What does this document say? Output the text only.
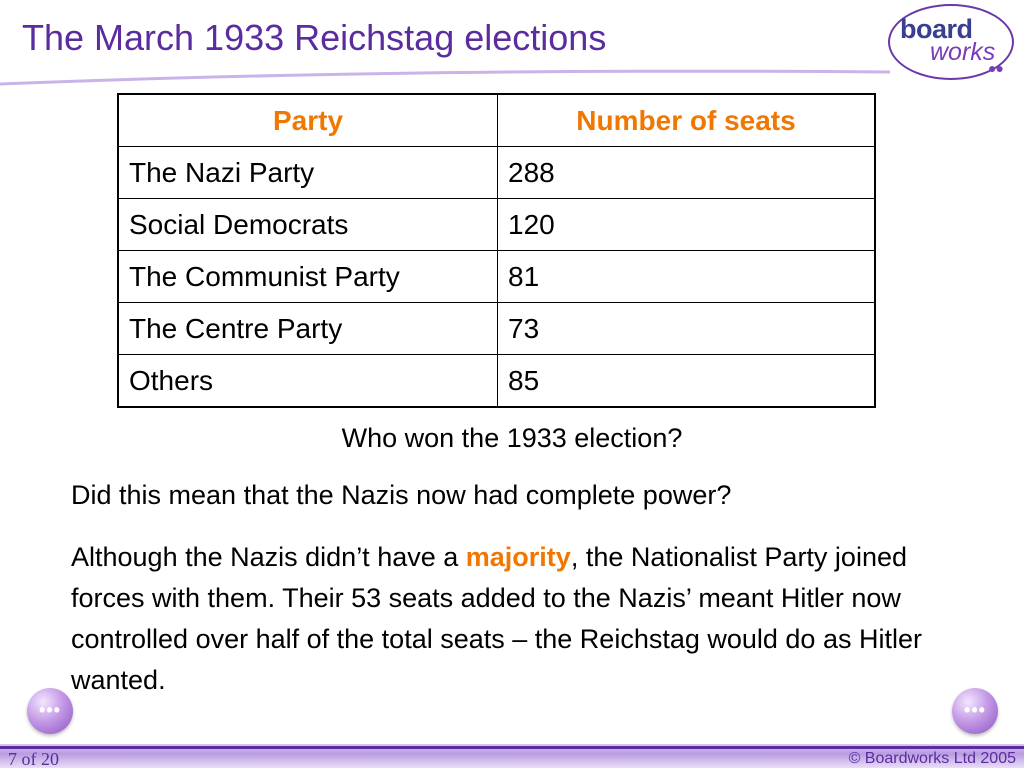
The March 1933 Reichstag elections	board
works
●●
Party	Number of seats
The Nazi Party	288
Social Democrats	120
The Communist Party	81
The Centre Party	73
Others	85
Who won the 1933 election?
Did this mean that the Nazis now had complete power?
Although the Nazis didn’t have a majority, the Nationalist Party joined forces with them. Their 53 seats added to the Nazis’ meant Hitler now controlled over half of the total seats – the Reichstag would do as Hitler wanted.
•••	•••
7 of 20	© Boardworks Ltd 2005
